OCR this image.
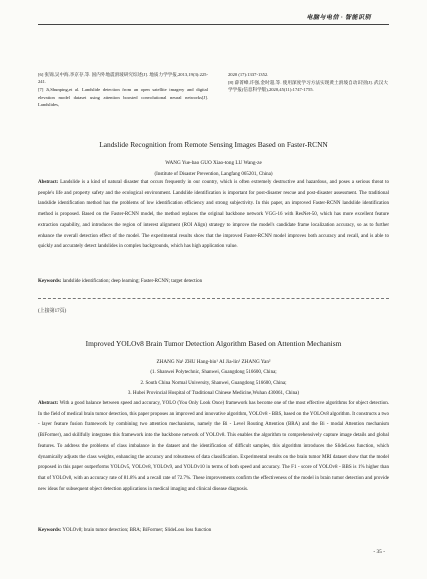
电脑与电信 · 智能识别

[6] 张锦,吴中海,李京存,等. 国内外地震滑坡研究综述[J]. 地质力学学报,2013,19(3):225-241.

[7] Ji,Shunping,et al. Landslide detection from an open satellite imagery and digital elevation model dataset using attention boosted convolutional neural networks[J]. Landslides,

2020 (17):1337-1352.

[8] 薛菁峰,许强,金时超,等. 使用深度学习方法实现黄土滑坡自动识别[J]. 武汉大学学报(信息科学版),2020,45(11):1747-1755.

Landslide Recognition from Remote Sensing Images Based on Faster-RCNN
WANG Yue-bao GUO Xiao-tong LU Wang-ze
(Institute of Disaster Prevention, Langfang 065201, China)
Abstract: Landslide is a kind of natural disaster that occurs frequently in our country, which is often extremely destructive and hazardous, and poses a serious threat to people's life and property safety and the ecological environment. Landslide identification is important for post-disaster rescue and post-disaster assessment. The traditional landslide identification method has the problems of low identification efficiency and strong subjectivity. In this paper, an improved Faster-RCNN landslide identification method is proposed. Based on the Faster-RCNN model, the method replaces the original backbone network VGG-16 with ResNet-50, which has more excellent feature extraction capability, and introduces the region of interest alignment (ROI Align) strategy to improve the model's candidate frame localization accuracy, so as to further enhance the overall detection effect of the model. The experimental results show that the improved Faster-RCNN model improves both accuracy and recall, and is able to quickly and accurately detect landslides in complex backgrounds, which has high application value.
Keywords: landslide identification; deep learning; Faster-RCNN; target detection
(上接第17页)
Improved YOLOv8 Brain Tumor Detection Algorithm Based on Attention Mechanism
ZHANG Na¹ ZHU Hang-bin¹ AI Jia-lin¹ ZHANG Yan²
(1. Shanwei Polytechnic, Shanwei, Guangdong 516600, China;
2. South China Normal University, Shanwei, Guangdong 516600, China;
3. Hubei Provincial Hospital of Traditional Chinese Medicine,Wuhan 430061, China)
Abstract: With a good balance between speed and accuracy, YOLO (You Only Look Once) framework has become one of the most effective algorithms for object detection. In the field of medical brain tumor detection, this paper proposes an improved and innovative algorithm, YOLOv8 - BBS, based on the YOLOv8 algorithm. It constructs a two - layer feature fusion framework by combining two attention mechanisms, namely the Bi - Level Routing Attention (BRA) and the Bi - modal Attention mechanism (BiFormer), and skillfully integrates this framework into the backbone network of YOLOv8. This enables the algorithm to comprehensively capture image details and global features. To address the problems of class imbalance in the dataset and the identification of difficult samples, this algorithm introduces the SlideLoss function, which dynamically adjusts the class weights, enhancing the accuracy and robustness of data classification. Experimental results on the brain tumor MRI dataset show that the model proposed in this paper outperforms YOLOv5, YOLOv8, YOLOv9, and YOLOv10 in terms of both speed and accuracy. The F1 - score of YOLOv8 - BBS is 1% higher than that of YOLOv8, with an accuracy rate of 81.8% and a recall rate of 72.7%. These improvements confirm the effectiveness of the model in brain tumor detection and provide new ideas for subsequent object detection applications in medical imaging and clinical disease diagnosis.
Keywords: YOLOv8; brain tumor detection; BRA; BiFormer; SlideLoss loss function
- 35 -
